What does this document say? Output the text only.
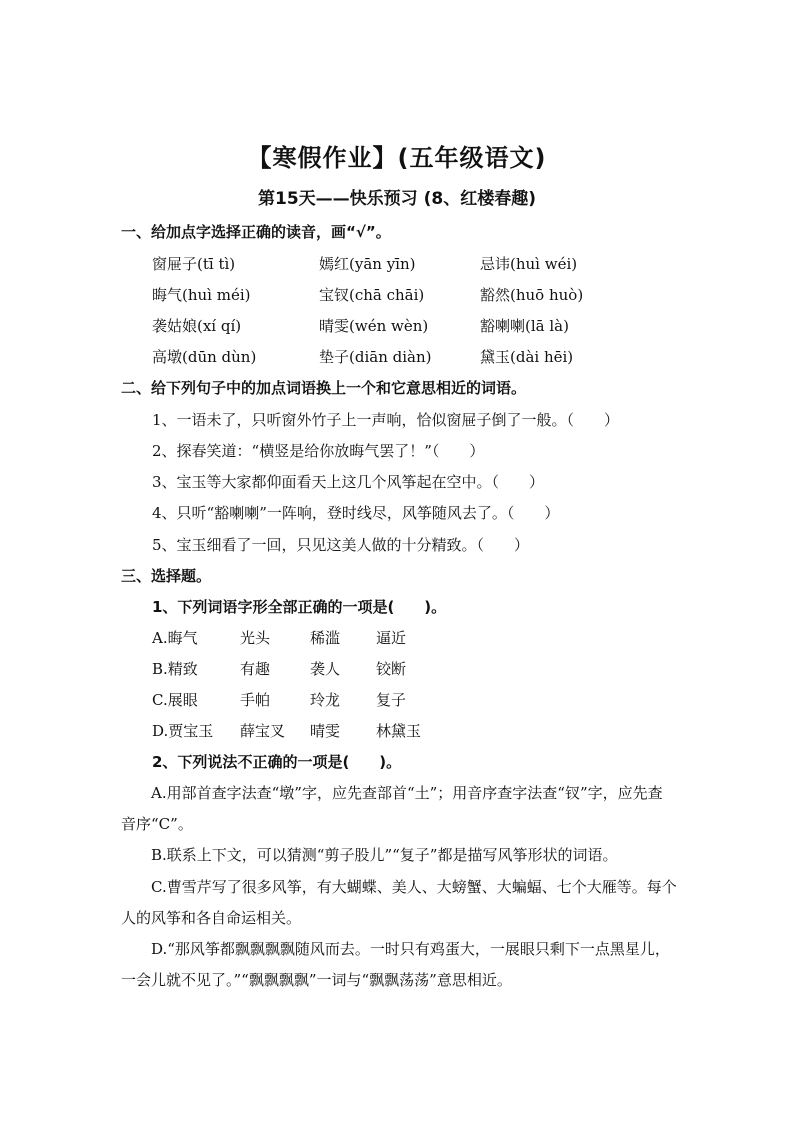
【寒假作业】(五年级语文)
第15天——快乐预习 (8、红楼春趣)
一、给加点字选择正确的读音，画“√”。
窗屉子(tī tì)	嫣红(yān yīn)	忌讳(huì wéi)
晦气(huì méi)	宝钗(chā chāi)	豁然(huō huò)
袭姑娘(xí qí)	晴雯(wén wèn)	豁喇喇(lā là)
高墩(dūn dùn)	垫子(diān diàn)	黛玉(dài hēi)
二、给下列句子中的加点词语换上一个和它意思相近的词语。
1、一语未了，只听窗外竹子上一声响，恰似窗屉子倒了一般。（　　）
2、探春笑道：“横竖是给你放晦气罢了！”（　　）
3、宝玉等大家都仰面看天上这几个风筝起在空中。（　　）
4、只听“豁喇喇”一阵响，登时线尽，风筝随风去了。（　　）
5、宝玉细看了一回，只见这美人做的十分精致。（　　）
三、选择题。
1、下列词语字形全部正确的一项是(　　)。
A.晦气	光头	稀滥 逼近
B.精致	有趣	袭人 铰断
C.展眼	手帕	玲龙 复子
D.贾宝玉 薛宝叉 晴雯 林黛玉
2、下列说法不正确的一项是(　　)。
A.用部首查字法查“墩”字，应先查部首“土”；用音序查字法查“钗”字，应先查音序“C”。
B.联系上下文，可以猜测“剪子股儿”“复子”都是描写风筝形状的词语。
C.曹雪芹写了很多风筝，有大蝴蝶、美人、大螃蟹、大蝙蝠、七个大雁等。每个人的风筝和各自命运相关。
D.“那风筝都飘飘飘飘随风而去。一时只有鸡蛋大，一展眼只剩下一点黑星儿，一会儿就不见了。”“飘飘飘飘”一词与“飘飘荡荡”意思相近。
